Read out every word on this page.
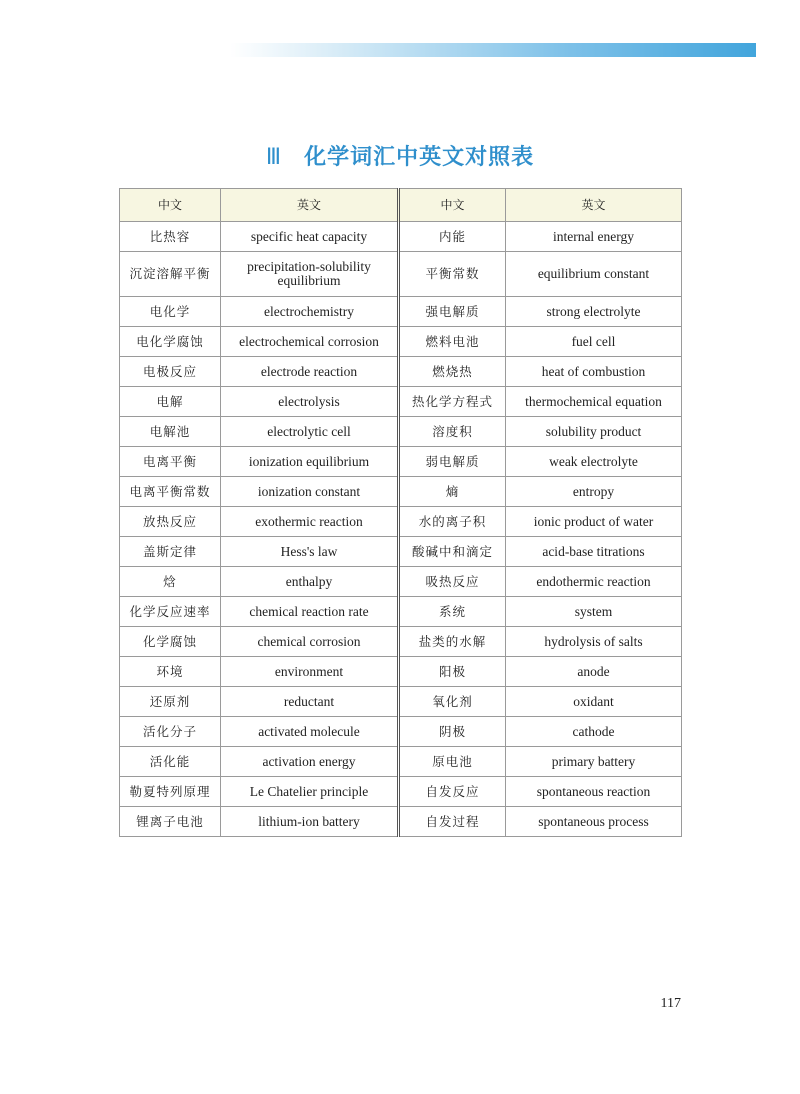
Ⅲ 化学词汇中英文对照表
中文	英文	中文	英文
比热容	specific heat capacity	内能	internal energy
沉淀溶解平衡	precipitation-solubility equilibrium	平衡常数	equilibrium constant
电化学	electrochemistry	强电解质	strong electrolyte
电化学腐蚀	electrochemical corrosion	燃料电池	fuel cell
电极反应	electrode reaction	燃烧热	heat of combustion
电解	electrolysis	热化学方程式	thermochemical equation
电解池	electrolytic cell	溶度积	solubility product
电离平衡	ionization equilibrium	弱电解质	weak electrolyte
电离平衡常数	ionization constant	熵	entropy
放热反应	exothermic reaction	水的离子积	ionic product of water
盖斯定律	Hess's law	酸碱中和滴定	acid-base titrations
焓	enthalpy	吸热反应	endothermic reaction
化学反应速率	chemical reaction rate	系统	system
化学腐蚀	chemical corrosion	盐类的水解	hydrolysis of salts
环境	environment	阳极	anode
还原剂	reductant	氧化剂	oxidant
活化分子	activated molecule	阴极	cathode
活化能	activation energy	原电池	primary battery
勒夏特列原理	Le Chatelier principle	自发反应	spontaneous reaction
锂离子电池	lithium-ion battery	自发过程	spontaneous process
117
